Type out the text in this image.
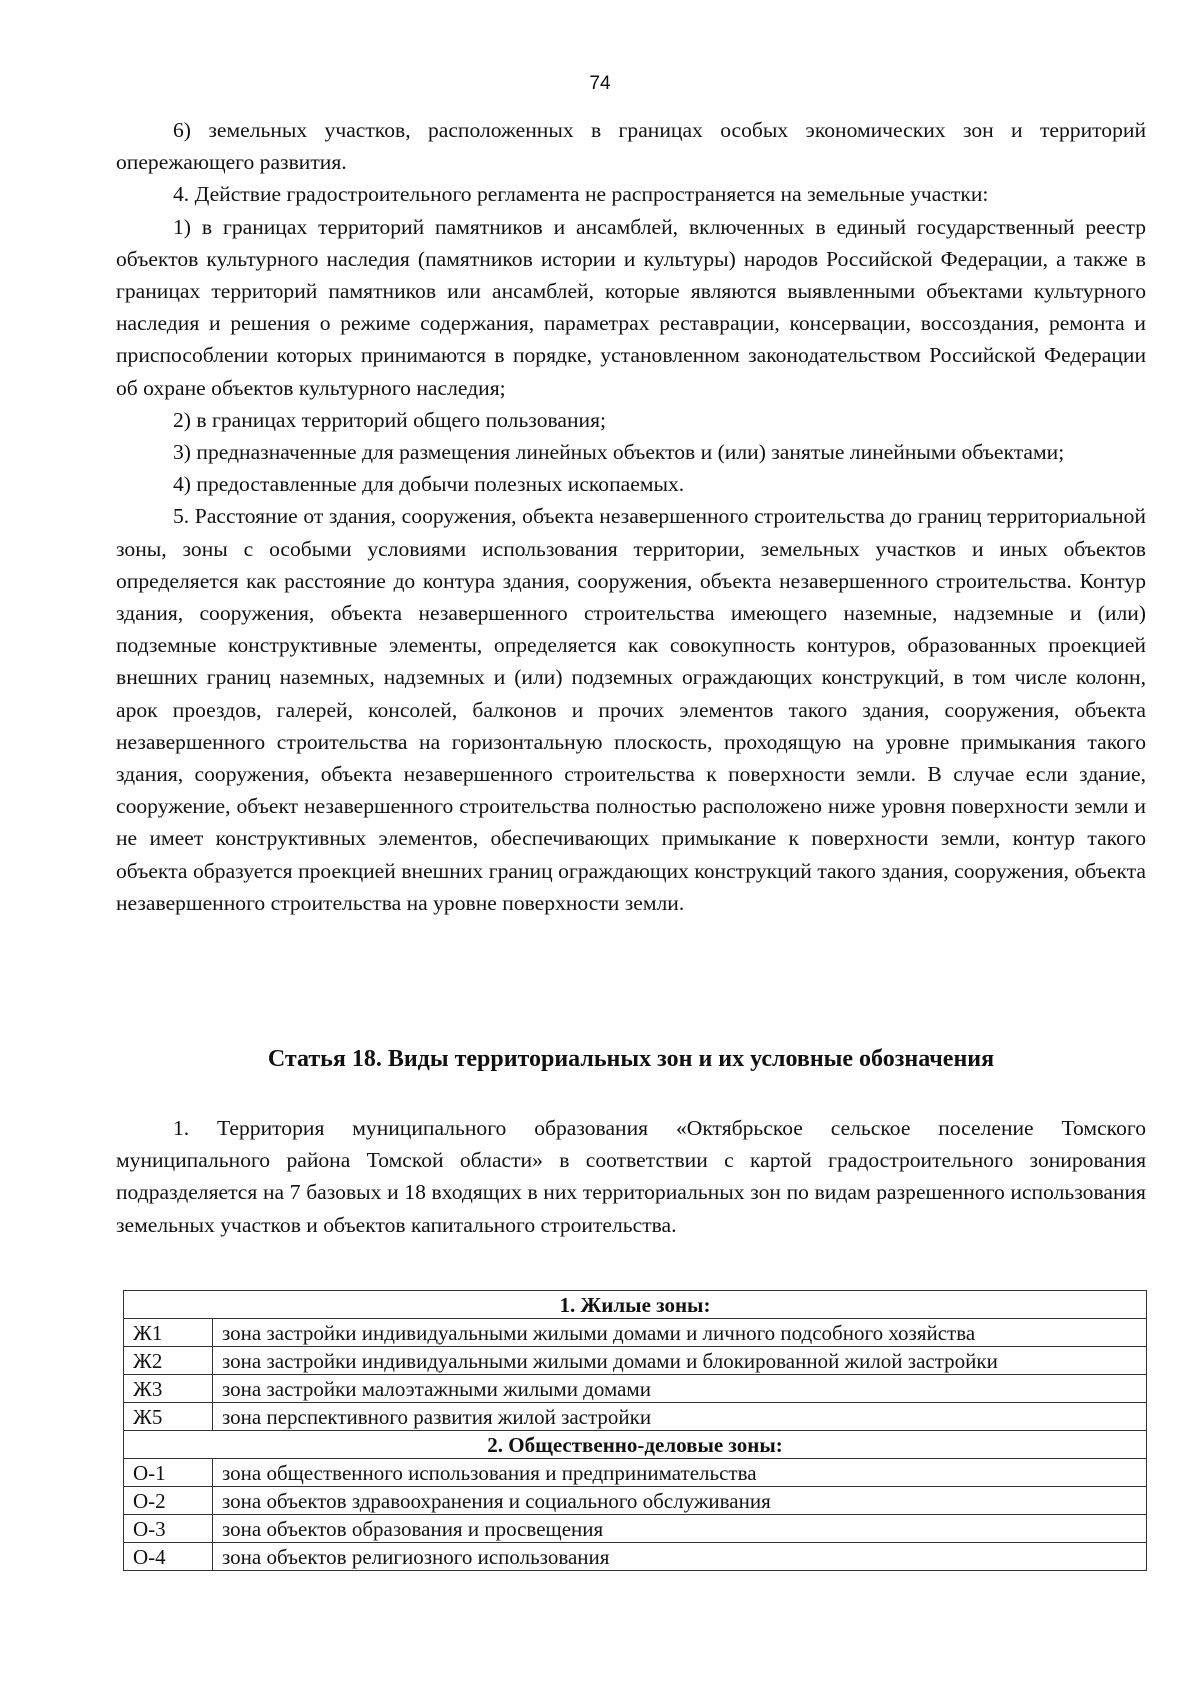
74

6) земельных участков, расположенных в границах особых экономических зон и территорий опережающего развития.

4. Действие градостроительного регламента не распространяется на земельные участки:

1) в границах территорий памятников и ансамблей, включенных в единый государственный реестр объектов культурного наследия (памятников истории и культуры) народов Российской Федерации, а также в границах территорий памятников или ансамблей, которые являются выявленными объектами культурного наследия и решения о режиме содержания, параметрах реставрации, консервации, воссоздания, ремонта и приспособлении которых принимаются в порядке, установленном законодательством Российской Федерации об охране объектов культурного наследия;

2) в границах территорий общего пользования;

3) предназначенные для размещения линейных объектов и (или) занятые линейными объектами;

4) предоставленные для добычи полезных ископаемых.

5. Расстояние от здания, сооружения, объекта незавершенного строительства до границ территориальной зоны, зоны с особыми условиями использования территории, земельных участков и иных объектов определяется как расстояние до контура здания, сооружения, объекта незавершенного строительства. Контур здания, сооружения, объекта незавершенного строительства имеющего наземные, надземные и (или) подземные конструктивные элементы, определяется как совокупность контуров, образованных проекцией внешних границ наземных, надземных и (или) подземных ограждающих конструкций, в том числе колонн, арок проездов, галерей, консолей, балконов и прочих элементов такого здания, сооружения, объекта незавершенного строительства на горизонтальную плоскость, проходящую на уровне примыкания такого здания, сооружения, объекта незавершенного строительства к поверхности земли. В случае если здание, сооружение, объект незавершенного строительства полностью расположено ниже уровня поверхности земли и не имеет конструктивных элементов, обеспечивающих примыкание к поверхности земли, контур такого объекта образуется проекцией внешних границ ограждающих конструкций такого здания, сооружения, объекта незавершенного строительства на уровне поверхности земли.

Статья 18. Виды территориальных зон и их условные обозначения

1. Территория муниципального образования «Октябрьское сельское поселение Томского муниципального района Томской области» в соответствии с картой градостроительного зонирования подразделяется на 7 базовых и 18 входящих в них территориальных зон по видам разрешенного использования земельных участков и объектов капитального строительства.

1. Жилые зоны:	
Ж1	зона застройки индивидуальными жилыми домами и личного подсобного хозяйства
Ж2	зона застройки индивидуальными жилыми домами и блокированной жилой застройки
Ж3	зона застройки малоэтажными жилыми домами
Ж5	зона перспективного развития жилой застройки
2. Общественно-деловые зоны:	
О-1	зона общественного использования и предпринимательства
О-2	зона объектов здравоохранения и социального обслуживания
О-3	зона объектов образования и просвещения
О-4	зона объектов религиозного использования
